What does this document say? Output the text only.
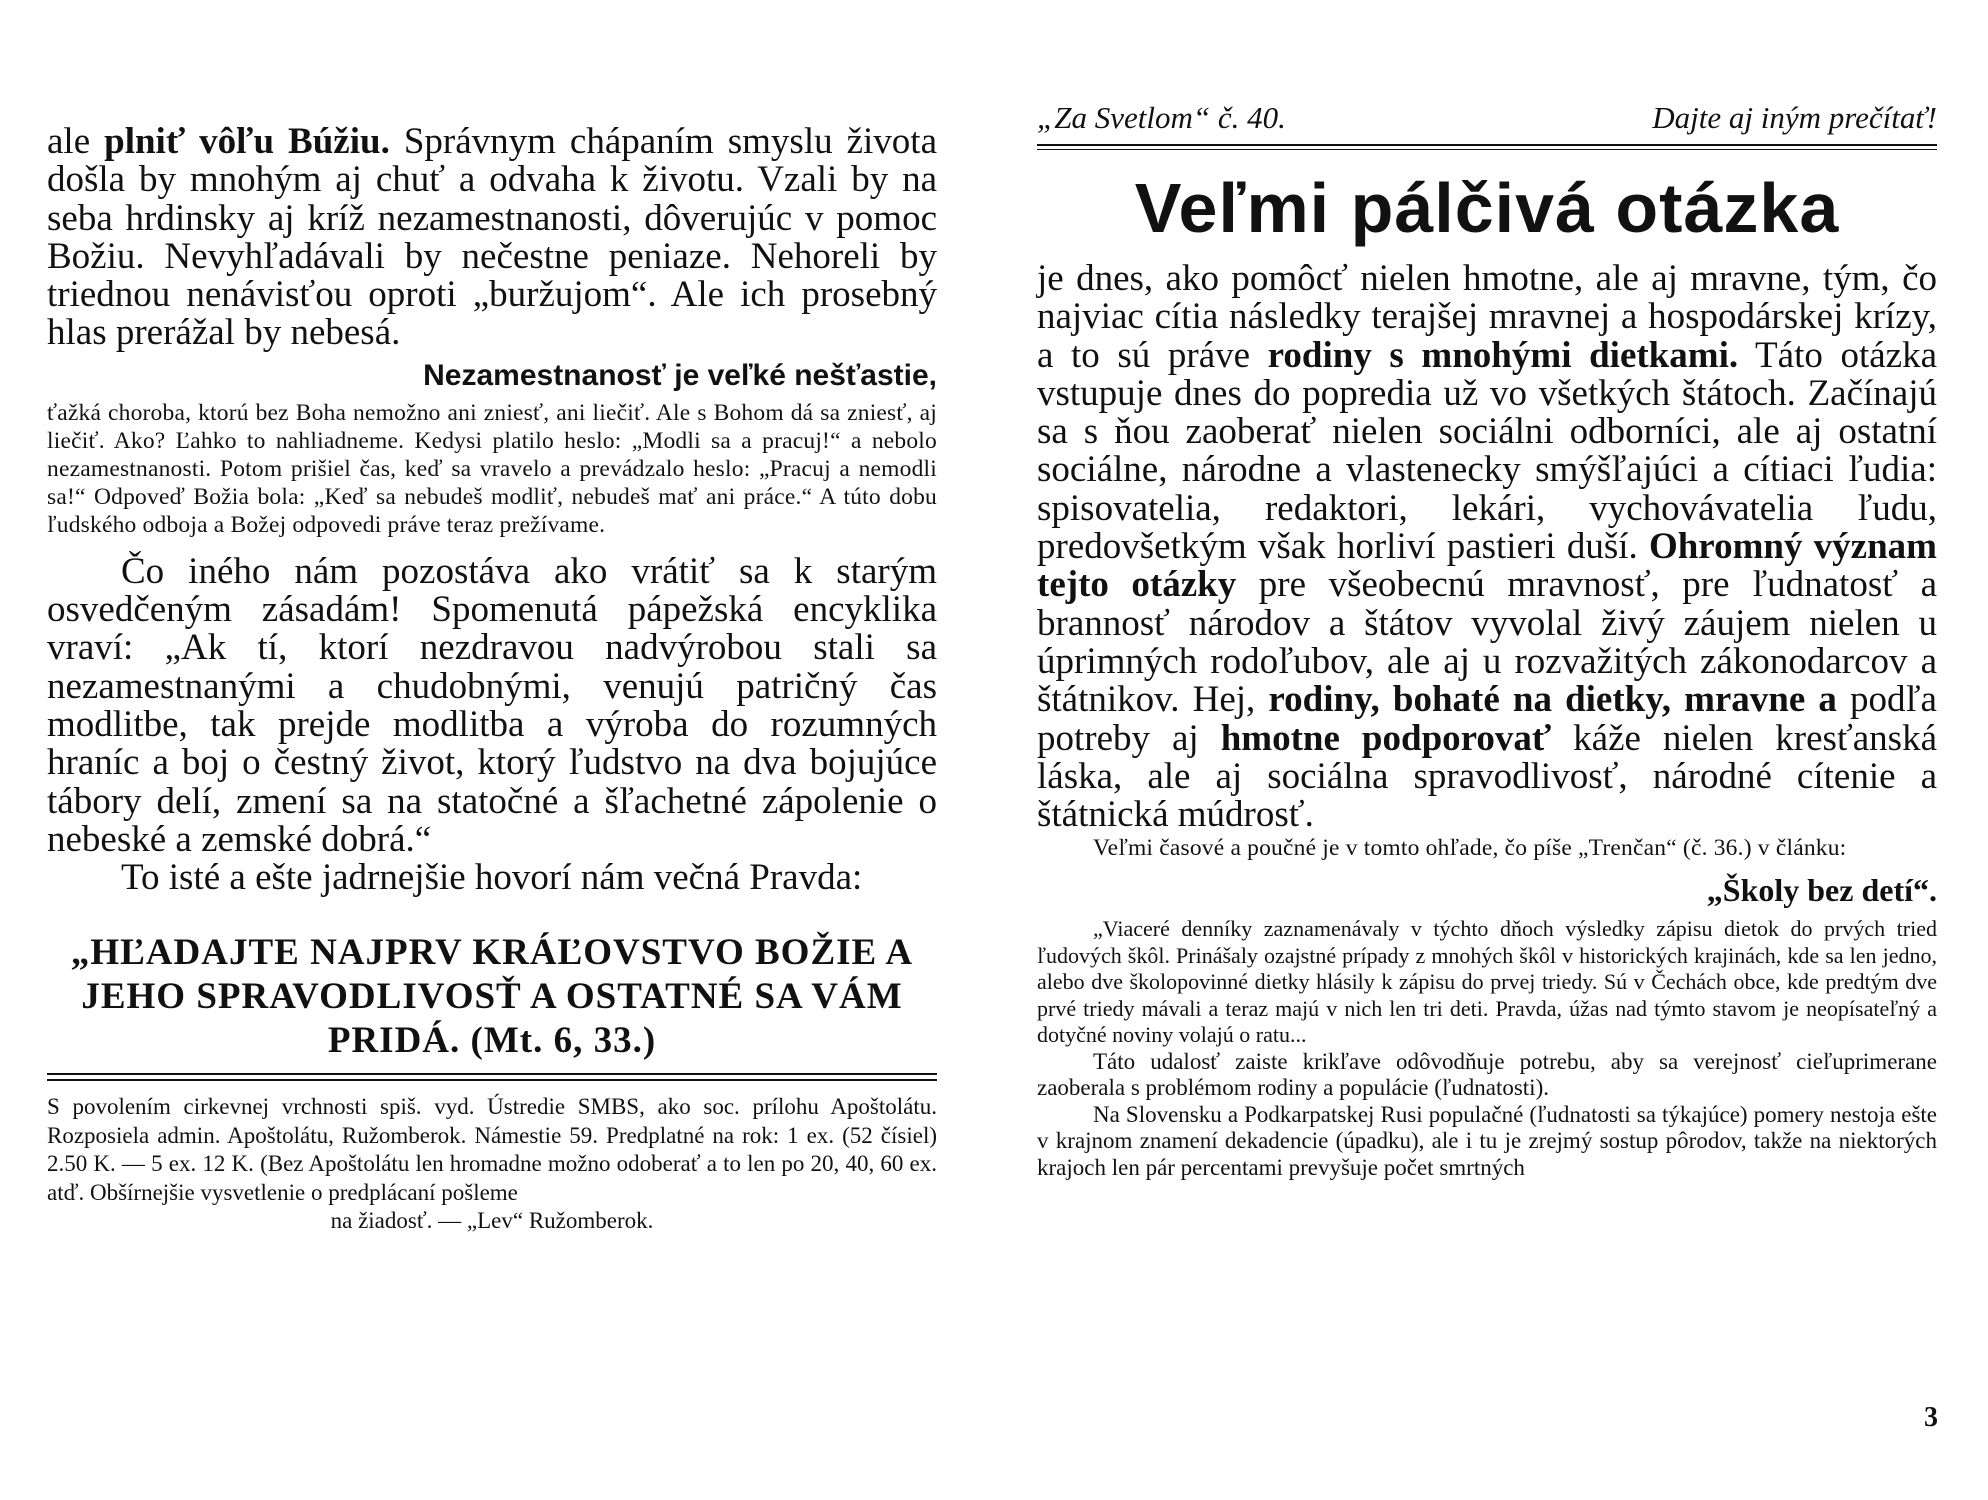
ale plniť vôľu Búžiu. Správnym chápaním smyslu života došla by mnohým aj chuť a odvaha k životu. Vzali by na seba hrdinsky aj kríž nezamestnanosti, dôverujúc v pomoc Božiu. Nevyhľadávali by nečestne peniaze. Nehoreli by triednou nenávisťou oproti „buržujom“. Ale ich prosebný hlas prerážal by nebesá.

Nezamestnanosť je veľké nešťastie,

ťažká choroba, ktorú bez Boha nemožno ani zniesť, ani liečiť. Ale s Bohom dá sa zniesť, aj liečiť. Ako? Ľahko to nahliadneme. Kedysi platilo heslo: „Modli sa a pracuj!“ a nebolo nezamestnanosti. Potom prišiel čas, keď sa vravelo a prevádzalo heslo: „Pracuj a nemodli sa!“ Odpoveď Božia bola: „Keď sa nebudeš modliť, nebudeš mať ani práce.“ A túto dobu ľudského odboja a Božej odpovedi práve teraz prežívame.

Čo iného nám pozostáva ako vrátiť sa k starým osvedčeným zásadám! Spomenutá pápežská encyklika vraví: „Ak tí, ktorí nezdravou nadvýrobou stali sa nezamestnanými a chudobnými, venujú patričný čas modlitbe, tak prejde modlitba a výroba do rozumných hraníc a boj o čestný život, ktorý ľudstvo na dva bojujúce tábory delí, zmení sa na statočné a šľachetné zápolenie o nebeské a zemské dobrá.“

To isté a ešte jadrnejšie hovorí nám večná Pravda:

„HĽADAJTE NAJPRV KRÁĽOVSTVO BOŽIE A JEHO SPRAVODLIVOSŤ A OSTATNÉ SA VÁM PRIDÁ. (Mt. 6, 33.)

S povolením cirkevnej vrchnosti spiš. vyd. Ústredie SMBS, ako soc. prílohu Apoštolátu. Rozposiela admin. Apoštolátu, Ružomberok. Námestie 59. Predplatné na rok: 1 ex. (52 čísiel) 2.50 K. — 5 ex. 12 K. (Bez Apoštolátu len hromadne možno odoberať a to len po 20, 40, 60 ex. atď. Obšírnejšie vysvetlenie o predplácaní pošleme

na žiadosť. — „Lev“ Ružomberok.

„Za Svetlom“ č. 40.	Dajte aj iným prečítať!
Veľmi pálčivá otázka

je dnes, ako pomôcť nielen hmotne, ale aj mravne, tým, čo najviac cítia následky terajšej mravnej a hospodárskej krízy, a to sú práve rodiny s mnohými dietkami. Táto otázka vstupuje dnes do popredia už vo všetkých štátoch. Začínajú sa s ňou zaoberať nielen sociálni odborníci, ale aj ostatní sociálne, národne a vlastenecky smýšľajúci a cítiaci ľudia: spisovatelia, redaktori, lekári, vychovávatelia ľudu, predovšetkým však horliví pastieri duší. Ohromný význam tejto otázky pre všeobecnú mravnosť, pre ľudnatosť a brannosť národov a štátov vyvolal živý záujem nielen u úprimných rodoľubov, ale aj u rozvažitých zákonodarcov a štátnikov. Hej, rodiny, bohaté na dietky, mravne a podľa potreby aj hmotne podporovať káže nielen kresťanská láska, ale aj sociálna spravodlivosť, národné cítenie a štátnická múdrosť.

Veľmi časové a poučné je v tomto ohľade, čo píše „Trenčan“ (č. 36.) v článku:

„Školy bez detí“.

„Viaceré denníky zaznamenávaly v týchto dňoch výsledky zápisu dietok do prvých tried ľudových škôl. Prinášaly ozajstné prípady z mnohých škôl v historických krajinách, kde sa len jedno, alebo dve školopovinné dietky hlásily k zápisu do prvej triedy. Sú v Čechách obce, kde predtým dve prvé triedy mávali a teraz majú v nich len tri deti. Pravda, úžas nad týmto stavom je neopísateľný a dotyčné noviny volajú o ratu...

Táto udalosť zaiste krikľave odôvodňuje potrebu, aby sa verejnosť cieľuprimerane zaoberala s problémom rodiny a populácie (ľudnatosti).

Na Slovensku a Podkarpatskej Rusi populačné (ľudnatosti sa týkajúce) pomery nestoja ešte v krajnom znamení dekadencie (úpadku), ale i tu je zrejmý sostup pôrodov, takže na niektorých krajoch len pár percentami prevyšuje počet smrtných

3
